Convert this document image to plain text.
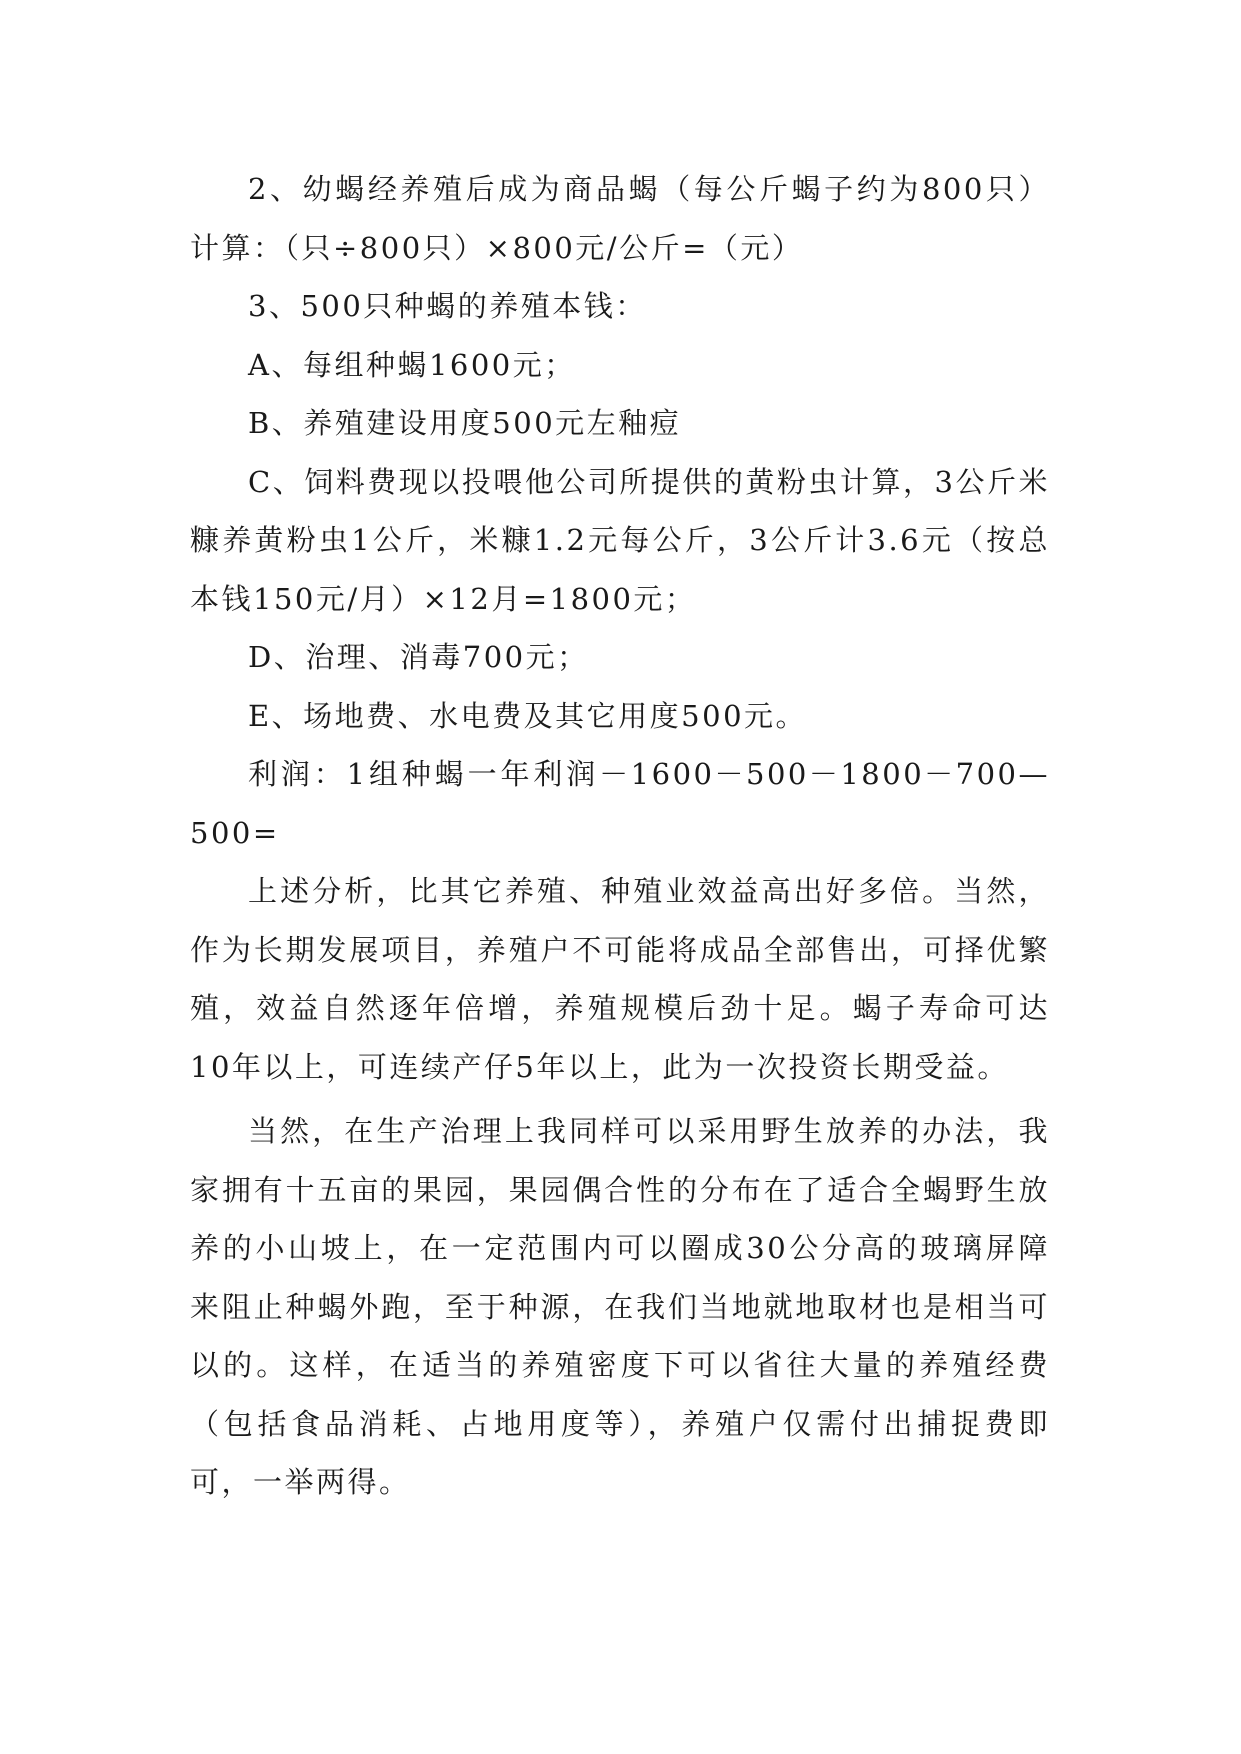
2、幼蝎经养殖后成为商品蝎（每公斤蝎子约为800只）计算：（只÷800只）×800元/公斤=（元）

3、500只种蝎的养殖本钱：

A、每组种蝎1600元；

B、养殖建设用度500元左釉痘

C、饲料费现以投喂他公司所提供的黄粉虫计算，3公斤米糠养黄粉虫1公斤，米糠1.2元每公斤，3公斤计3.6元（按总本钱150元/月）×12月=1800元；

D、治理、消毒700元；

E、场地费、水电费及其它用度500元。

利润：1组种蝎一年利润－1600－500－1800－700—500=

上述分析，比其它养殖、种殖业效益高出好多倍。当然，作为长期发展项目，养殖户不可能将成品全部售出，可择优繁殖，效益自然逐年倍增，养殖规模后劲十足。蝎子寿命可达10年以上，可连续产仔5年以上，此为一次投资长期受益。

当然，在生产治理上我同样可以采用野生放养的办法，我家拥有十五亩的果园，果园偶合性的分布在了适合全蝎野生放养的小山坡上，在一定范围内可以圈成30公分高的玻璃屏障来阻止种蝎外跑，至于种源，在我们当地就地取材也是相当可以的。这样，在适当的养殖密度下可以省往大量的养殖经费（包括食品消耗、占地用度等），养殖户仅需付出捕捉费即可，一举两得。
